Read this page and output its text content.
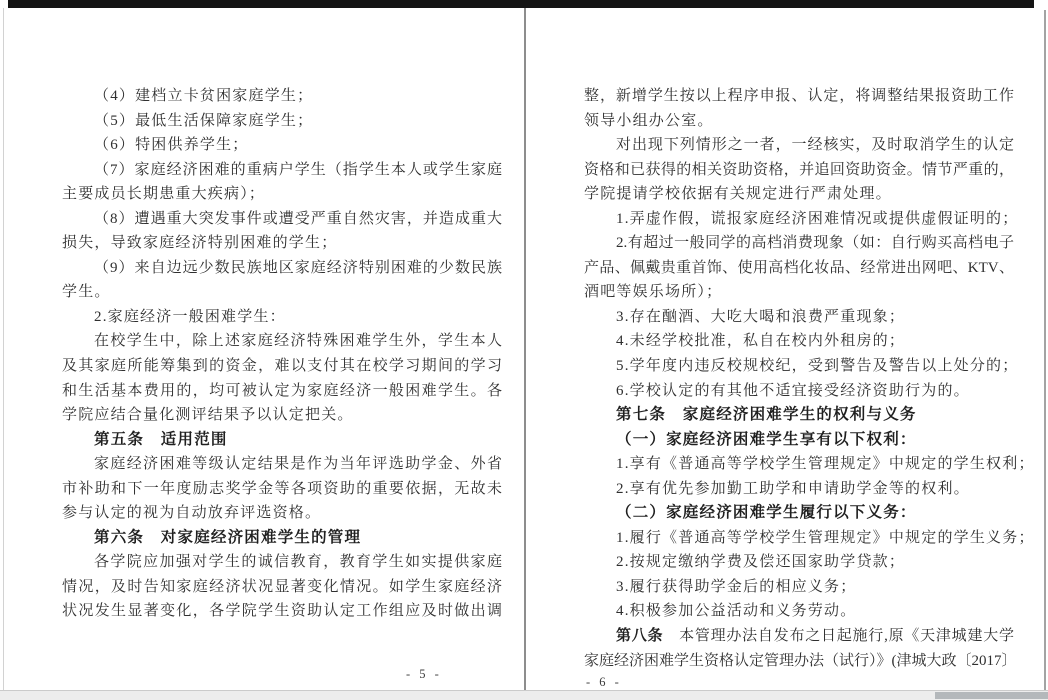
（4）建档立卡贫困家庭学生；
（5）最低生活保障家庭学生；
（6）特困供养学生；
（7）家庭经济困难的重病户学生（指学生本人或学生家庭
主要成员长期患重大疾病）；
（8）遭遇重大突发事件或遭受严重自然灾害，并造成重大
损失，导致家庭经济特别困难的学生；
（9）来自边远少数民族地区家庭经济特别困难的少数民族
学生。
2.家庭经济一般困难学生：
在校学生中，除上述家庭经济特殊困难学生外，学生本人
及其家庭所能筹集到的资金，难以支付其在校学习期间的学习
和生活基本费用的，均可被认定为家庭经济一般困难学生。各
学院应结合量化测评结果予以认定把关。
第五条　适用范围
家庭经济困难等级认定结果是作为当年评选助学金、外省
市补助和下一年度励志奖学金等各项资助的重要依据，无故未
参与认定的视为自动放弃评选资格。
第六条　对家庭经济困难学生的管理
各学院应加强对学生的诚信教育，教育学生如实提供家庭
情况，及时告知家庭经济状况显著变化情况。如学生家庭经济
状况发生显著变化，各学院学生资助认定工作组应及时做出调
整，新增学生按以上程序申报、认定，将调整结果报资助工作
领导小组办公室。
对出现下列情形之一者，一经核实，及时取消学生的认定
资格和已获得的相关资助资格，并追回资助资金。情节严重的，
学院提请学校依据有关规定进行严肃处理。
1.弄虚作假，谎报家庭经济困难情况或提供虚假证明的；
2.有超过一般同学的高档消费现象（如：自行购买高档电子
产品、佩戴贵重首饰、使用高档化妆品、经常进出网吧、KTV、
酒吧等娱乐场所）；
3.存在酗酒、大吃大喝和浪费严重现象；
4.未经学校批准，私自在校内外租房的；
5.学年度内违反校规校纪，受到警告及警告以上处分的；
6.学校认定的有其他不适宜接受经济资助行为的。
第七条　家庭经济困难学生的权利与义务
（一）家庭经济困难学生享有以下权利：
1.享有《普通高等学校学生管理规定》中规定的学生权利；
2.享有优先参加勤工助学和申请助学金等的权利。
（二）家庭经济困难学生履行以下义务：
1.履行《普通高等学校学生管理规定》中规定的学生义务；
2.按规定缴纳学费及偿还国家助学贷款；
3.履行获得助学金后的相应义务；
4.积极参加公益活动和义务劳动。
第八条　本管理办法自发布之日起施行,原《天津城建大学
家庭经济困难学生资格认定管理办法（试行）》(津城大政〔2017〕
- 5 -
- 6 -
